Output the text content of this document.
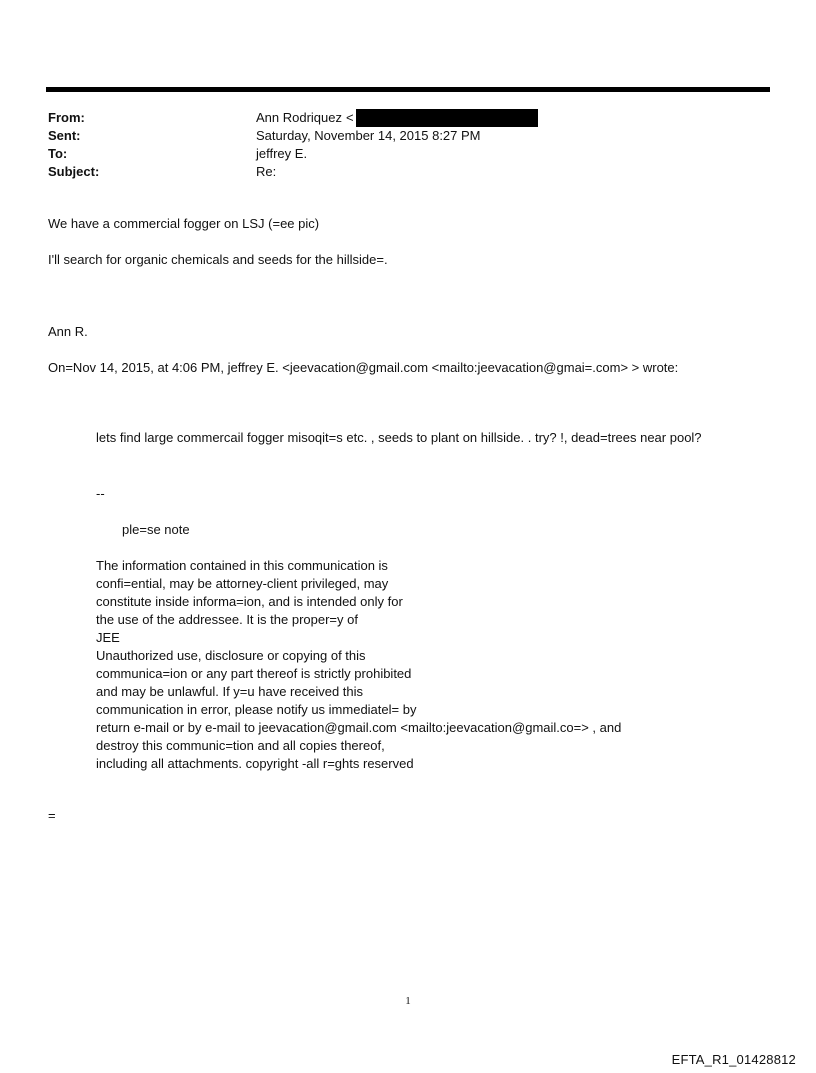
From:	Ann Rodriquez <
Sent:	Saturday, November 14, 2015 8:27 PM
To:	jeffrey E.
Subject:	Re:
We have a commercial fogger on LSJ (=ee pic)
I'll search for organic chemicals and seeds for the hillside=.
Ann R.
On=Nov 14, 2015, at 4:06 PM, jeffrey E. <jeevacation@gmail.com <mailto:jeevacation@gmai=.com> > wrote:
lets find large commercail fogger misoqit=s etc. , seeds to plant on hillside. . try? !, dead=trees near pool?
--
ple=se note
The information contained in this communication is
confi=ential, may be attorney-client privileged, may
constitute inside informa=ion, and is intended only for
the use of the addressee. It is the proper=y of
JEE
Unauthorized use, disclosure or copying of this
communica=ion or any part thereof is strictly prohibited
and may be unlawful. If y=u have received this
communication in error, please notify us immediatel= by
return e-mail or by e-mail to jeevacation@gmail.com <mailto:jeevacation@gmail.co=> , and
destroy this communic=tion and all copies thereof,
including all attachments. copyright -all r=ghts reserved
=
1
EFTA_R1_01428812
